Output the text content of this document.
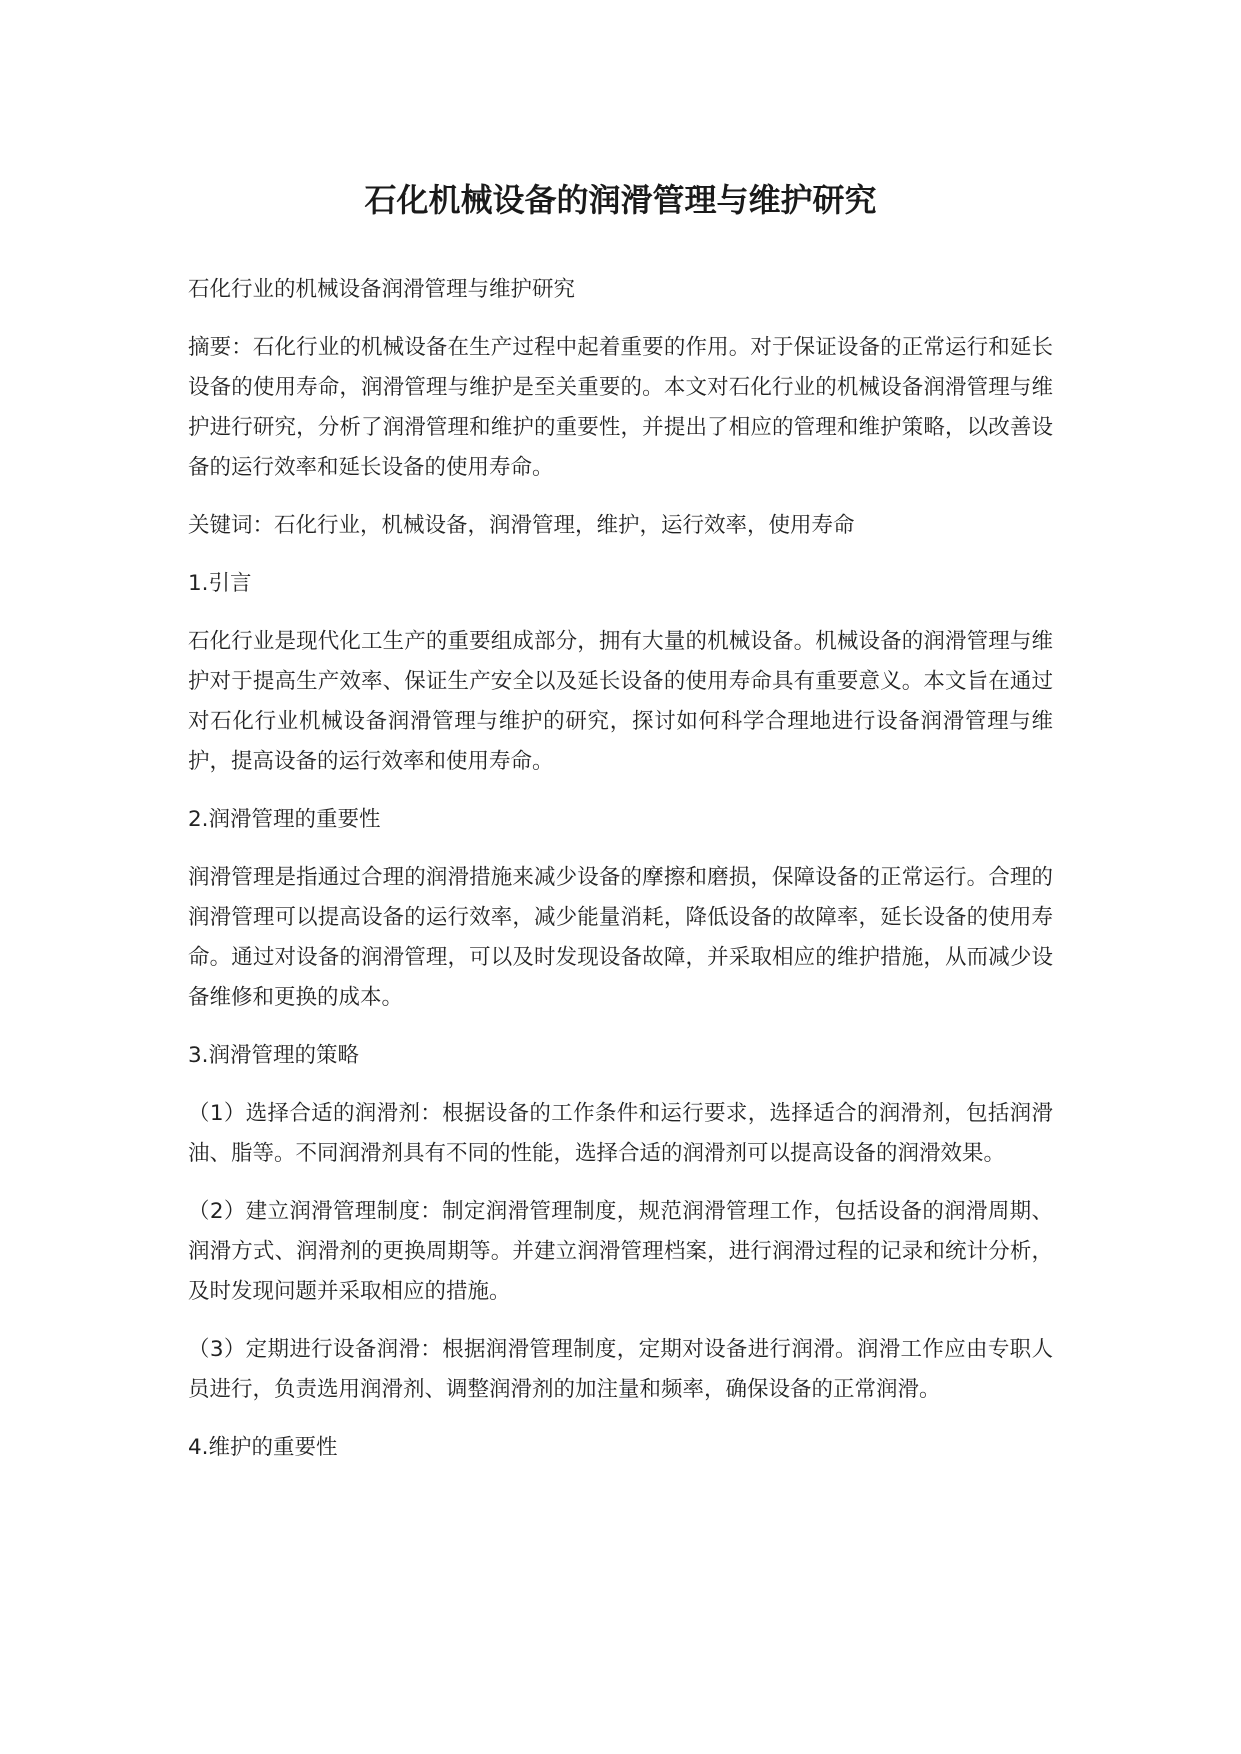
石化机械设备的润滑管理与维护研究

石化行业的机械设备润滑管理与维护研究

摘要：石化行业的机械设备在生产过程中起着重要的作用。对于保证设备的正常运行和延长设备的使用寿命，润滑管理与维护是至关重要的。本文对石化行业的机械设备润滑管理与维护进行研究，分析了润滑管理和维护的重要性，并提出了相应的管理和维护策略，以改善设备的运行效率和延长设备的使用寿命。

关键词：石化行业，机械设备，润滑管理，维护，运行效率，使用寿命

1.引言

石化行业是现代化工生产的重要组成部分，拥有大量的机械设备。机械设备的润滑管理与维护对于提高生产效率、保证生产安全以及延长设备的使用寿命具有重要意义。本文旨在通过对石化行业机械设备润滑管理与维护的研究，探讨如何科学合理地进行设备润滑管理与维护，提高设备的运行效率和使用寿命。

2.润滑管理的重要性

润滑管理是指通过合理的润滑措施来减少设备的摩擦和磨损，保障设备的正常运行。合理的润滑管理可以提高设备的运行效率，减少能量消耗，降低设备的故障率，延长设备的使用寿命。通过对设备的润滑管理，可以及时发现设备故障，并采取相应的维护措施，从而减少设备维修和更换的成本。

3.润滑管理的策略

（1）选择合适的润滑剂：根据设备的工作条件和运行要求，选择适合的润滑剂，包括润滑油、脂等。不同润滑剂具有不同的性能，选择合适的润滑剂可以提高设备的润滑效果。

（2）建立润滑管理制度：制定润滑管理制度，规范润滑管理工作，包括设备的润滑周期、润滑方式、润滑剂的更换周期等。并建立润滑管理档案，进行润滑过程的记录和统计分析，及时发现问题并采取相应的措施。

（3）定期进行设备润滑：根据润滑管理制度，定期对设备进行润滑。润滑工作应由专职人员进行，负责选用润滑剂、调整润滑剂的加注量和频率，确保设备的正常润滑。

4.维护的重要性
